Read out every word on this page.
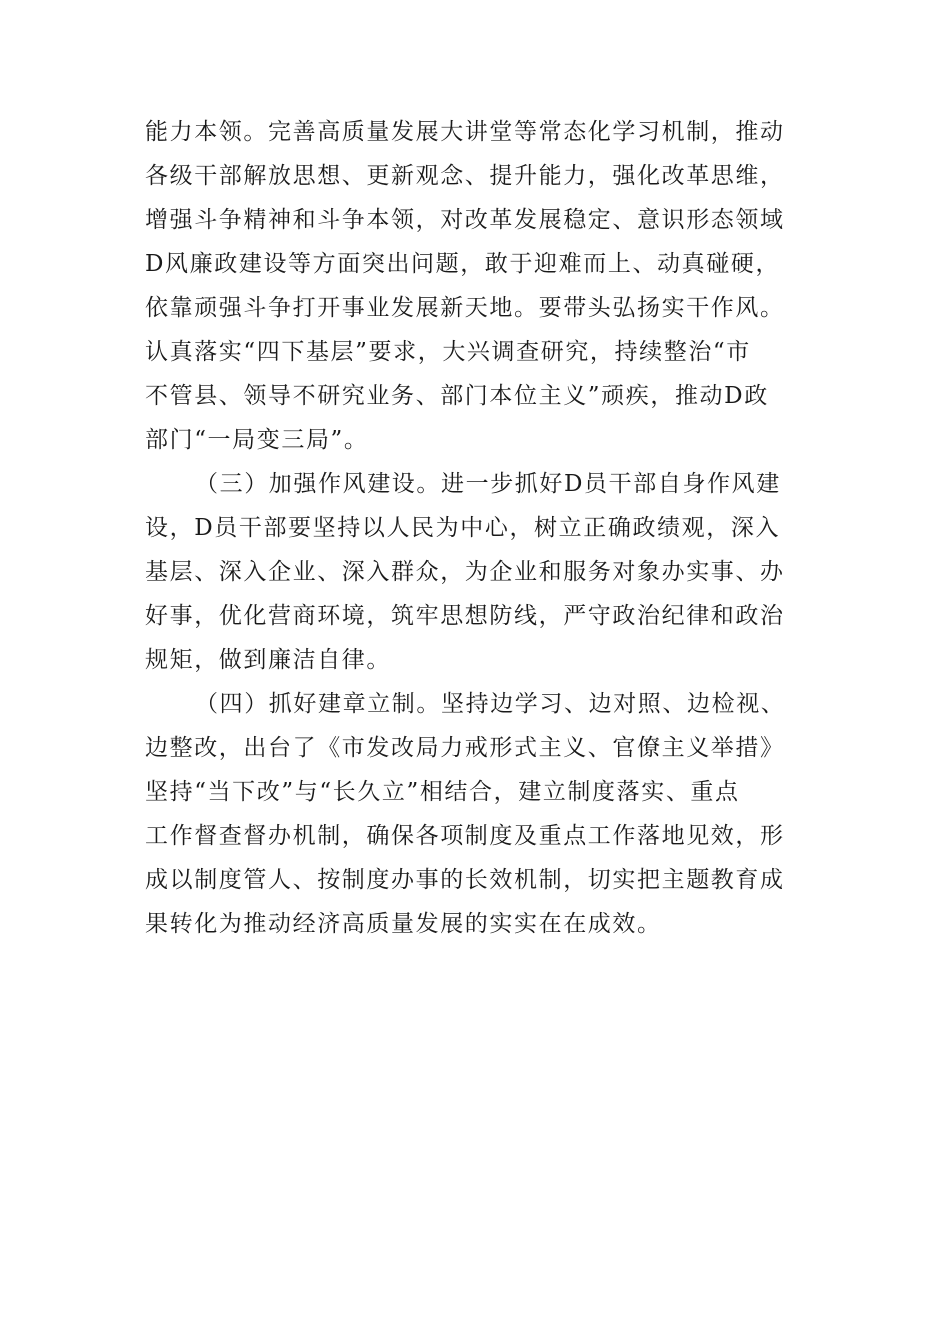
能力本领。完善高质量发展大讲堂等常态化学习机制，推动

各级干部解放思想、更新观念、提升能力，强化改革思维，

增强斗争精神和斗争本领，对改革发展稳定、意识形态领域

D风廉政建设等方面突出问题，敢于迎难而上、动真碰硬，

依靠顽强斗争打开事业发展新天地。要带头弘扬实干作风。

认真落实“四下基层”要求，大兴调查研究，持续整治“市

不管县、领导不研究业务、部门本位主义”顽疾，推动D政

部门“一局变三局”。

（三）加强作风建设。进一步抓好D员干部自身作风建

设，D员干部要坚持以人民为中心，树立正确政绩观，深入

基层、深入企业、深入群众，为企业和服务对象办实事、办

好事，优化营商环境，筑牢思想防线，严守政治纪律和政治

规矩，做到廉洁自律。

（四）抓好建章立制。坚持边学习、边对照、边检视、

边整改，出台了《市发改局力戒形式主义、官僚主义举措》

坚持“当下改”与“长久立”相结合，建立制度落实、重点

工作督查督办机制，确保各项制度及重点工作落地见效，形

成以制度管人、按制度办事的长效机制，切实把主题教育成

果转化为推动经济高质量发展的实实在在成效。
